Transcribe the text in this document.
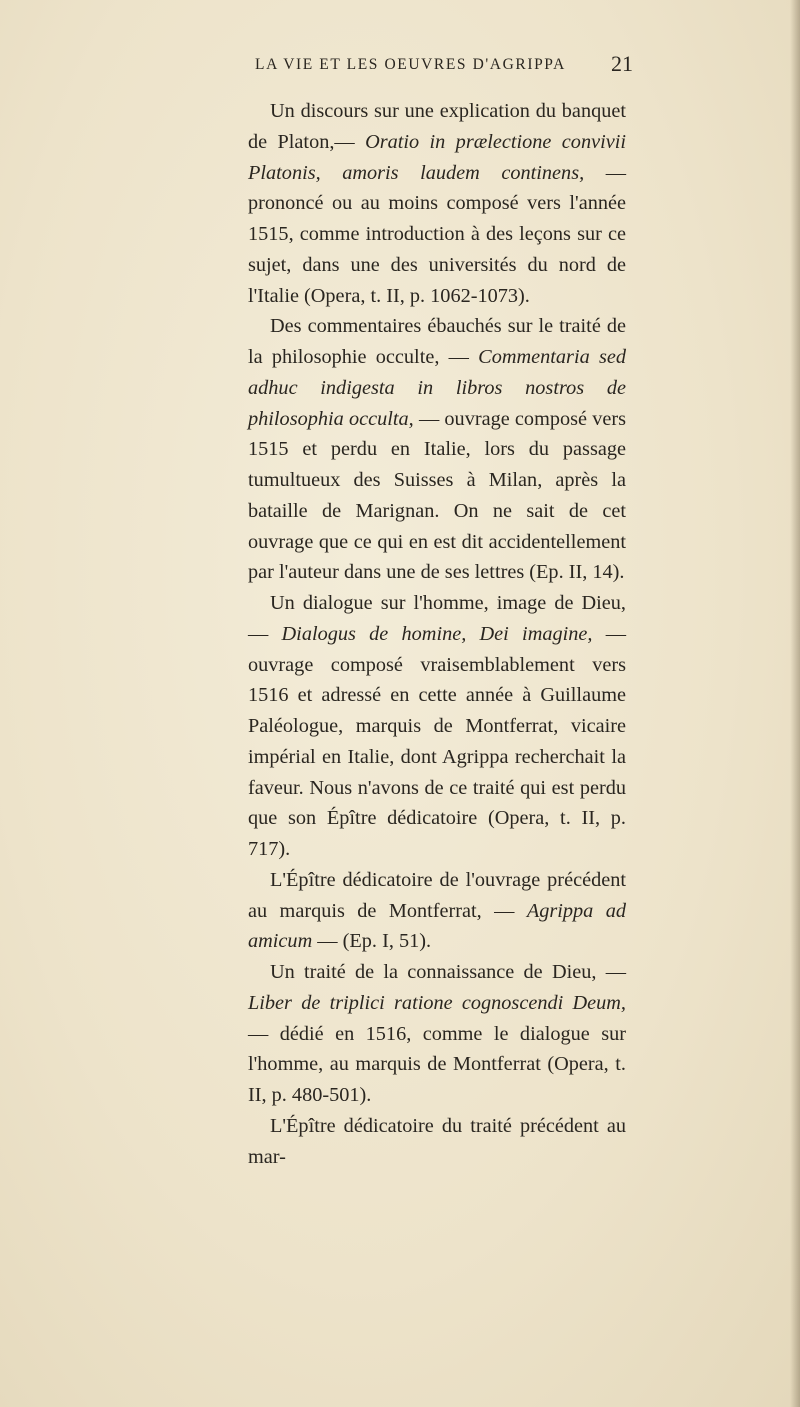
LA VIE ET LES OEUVRES D'AGRIPPA 21

Un discours sur une explication du banquet de Platon,— Oratio in prælectione convivii Platonis, amoris laudem continens, — prononcé ou au moins composé vers l'année 1515, comme introduction à des leçons sur ce sujet, dans une des universités du nord de l'Italie (Opera, t. II, p. 1062-1073).

Des commentaires ébauchés sur le traité de la philosophie occulte, — Commentaria sed adhuc indigesta in libros nostros de philosophia occulta, — ouvrage composé vers 1515 et perdu en Italie, lors du passage tumultueux des Suisses à Milan, après la bataille de Marignan. On ne sait de cet ouvrage que ce qui en est dit accidentellement par l'auteur dans une de ses lettres (Ep. II, 14).

Un dialogue sur l'homme, image de Dieu, — Dialogus de homine, Dei imagine, — ouvrage composé vraisemblablement vers 1516 et adressé en cette année à Guillaume Paléologue, marquis de Montferrat, vicaire impérial en Italie, dont Agrippa recherchait la faveur. Nous n'avons de ce traité qui est perdu que son Épître dédicatoire (Opera, t. II, p. 717).

L'Épître dédicatoire de l'ouvrage précédent au marquis de Montferrat, — Agrippa ad amicum — (Ep. I, 51).

Un traité de la connaissance de Dieu, — Liber de triplici ratione cognoscendi Deum, — dédié en 1516, comme le dialogue sur l'homme, au marquis de Montferrat (Opera, t. II, p. 480-501).

L'Épître dédicatoire du traité précédent au mar-
